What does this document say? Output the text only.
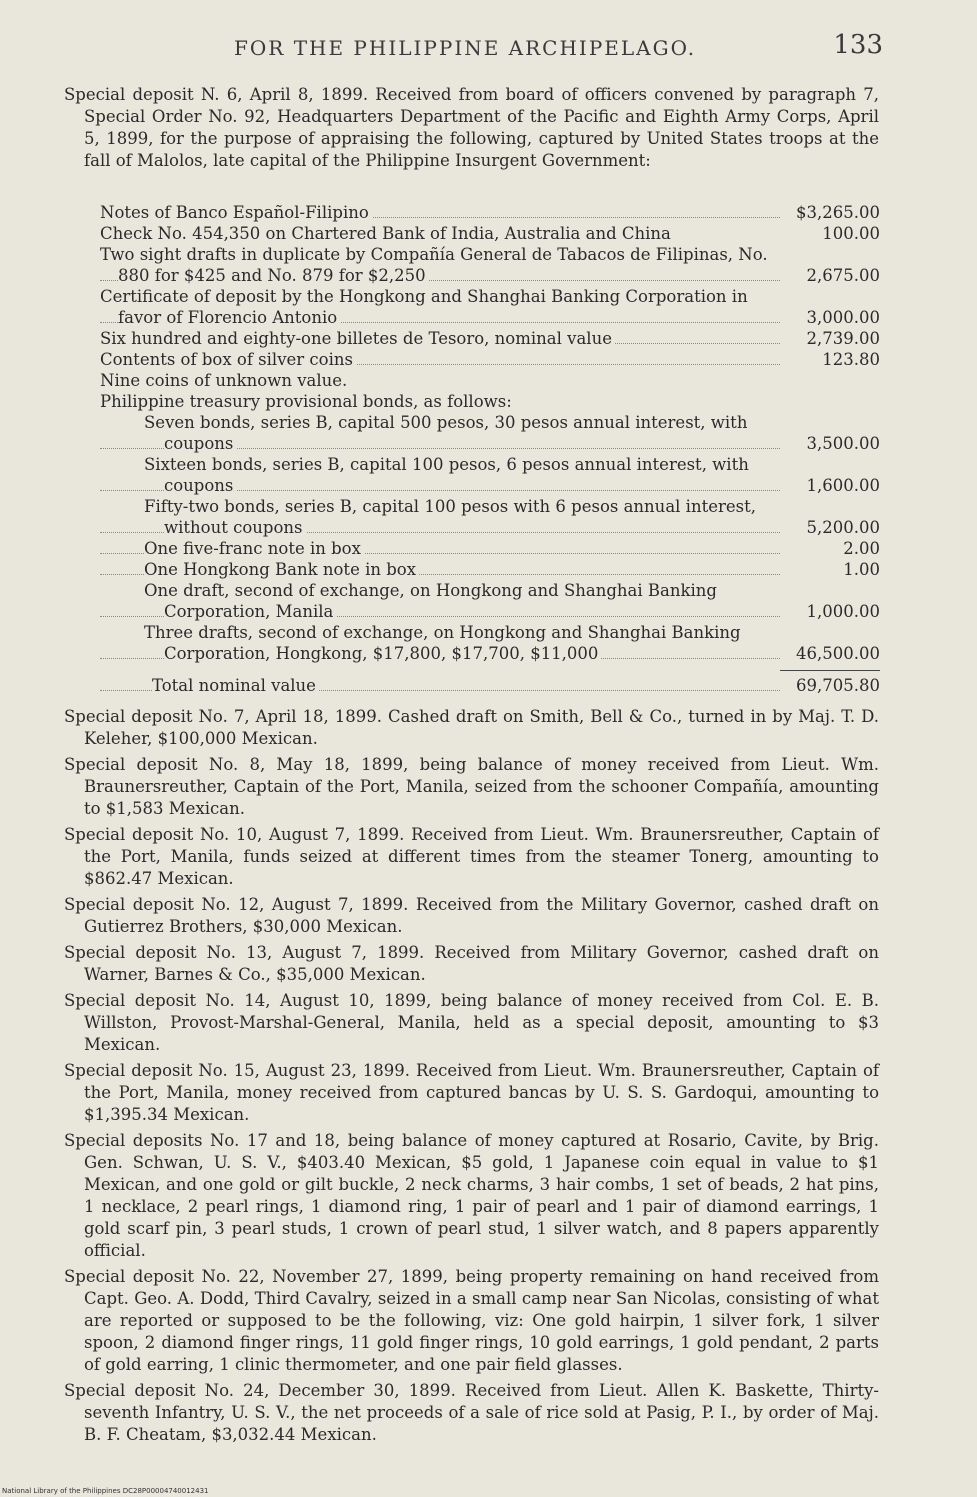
FOR THE PHILIPPINE ARCHIPELAGO.	133
Special deposit N. 6, April 8, 1899. Received from board of officers convened by paragraph 7, Special Order No. 92, Headquarters Department of the Pacific and Eighth Army Corps, April 5, 1899, for the purpose of appraising the following, captured by United States troops at the fall of Malolos, late capital of the Philippine Insurgent Government:
Notes of Banco Español-Filipino	$3,265.00
Check No. 454,350 on Chartered Bank of India, Australia and China	100.00
Two sight drafts in duplicate by Compañía General de Tabacos de Filipinas, No. 880 for $425 and No. 879 for $2,250	2,675.00
Certificate of deposit by the Hongkong and Shanghai Banking Corporation in favor of Florencio Antonio	3,000.00
Six hundred and eighty-one billetes de Tesoro, nominal value	2,739.00
Contents of box of silver coins	123.80
Nine coins of unknown value.
Philippine treasury provisional bonds, as follows:
Seven bonds, series B, capital 500 pesos, 30 pesos annual interest, with coupons	3,500.00
Sixteen bonds, series B, capital 100 pesos, 6 pesos annual interest, with coupons	1,600.00
Fifty-two bonds, series B, capital 100 pesos with 6 pesos annual interest, without coupons	5,200.00
One five-franc note in box	2.00
One Hongkong Bank note in box	1.00
One draft, second of exchange, on Hongkong and Shanghai Banking Corporation, Manila	1,000.00
Three drafts, second of exchange, on Hongkong and Shanghai Banking Corporation, Hongkong, $17,800, $17,700, $11,000	46,500.00
Total nominal value	69,705.80

Special deposit No. 7, April 18, 1899. Cashed draft on Smith, Bell & Co., turned in by Maj. T. D. Keleher, $100,000 Mexican.

Special deposit No. 8, May 18, 1899, being balance of money received from Lieut. Wm. Braunersreuther, Captain of the Port, Manila, seized from the schooner Compañía, amounting to $1,583 Mexican.

Special deposit No. 10, August 7, 1899. Received from Lieut. Wm. Braunersreuther, Captain of the Port, Manila, funds seized at different times from the steamer Tonerg, amounting to $862.47 Mexican.

Special deposit No. 12, August 7, 1899. Received from the Military Governor, cashed draft on Gutierrez Brothers, $30,000 Mexican.

Special deposit No. 13, August 7, 1899. Received from Military Governor, cashed draft on Warner, Barnes & Co., $35,000 Mexican.

Special deposit No. 14, August 10, 1899, being balance of money received from Col. E. B. Willston, Provost-Marshal-General, Manila, held as a special deposit, amounting to $3 Mexican.

Special deposit No. 15, August 23, 1899. Received from Lieut. Wm. Braunersreuther, Captain of the Port, Manila, money received from captured bancas by U. S. S. Gardoqui, amounting to $1,395.34 Mexican.

Special deposits No. 17 and 18, being balance of money captured at Rosario, Cavite, by Brig. Gen. Schwan, U. S. V., $403.40 Mexican, $5 gold, 1 Japanese coin equal in value to $1 Mexican, and one gold or gilt buckle, 2 neck charms, 3 hair combs, 1 set of beads, 2 hat pins, 1 necklace, 2 pearl rings, 1 diamond ring, 1 pair of pearl and 1 pair of diamond earrings, 1 gold scarf pin, 3 pearl studs, 1 crown of pearl stud, 1 silver watch, and 8 papers apparently official.

Special deposit No. 22, November 27, 1899, being property remaining on hand received from Capt. Geo. A. Dodd, Third Cavalry, seized in a small camp near San Nicolas, consisting of what are reported or supposed to be the following, viz: One gold hairpin, 1 silver fork, 1 silver spoon, 2 diamond finger rings, 11 gold finger rings, 10 gold earrings, 1 gold pendant, 2 parts of gold earring, 1 clinic thermometer, and one pair field glasses.

Special deposit No. 24, December 30, 1899. Received from Lieut. Allen K. Baskette, Thirty-seventh Infantry, U. S. V., the net proceeds of a sale of rice sold at Pasig, P. I., by order of Maj. B. F. Cheatam, $3,032.44 Mexican.

National Library of the Philippines DC28P00004740012431
